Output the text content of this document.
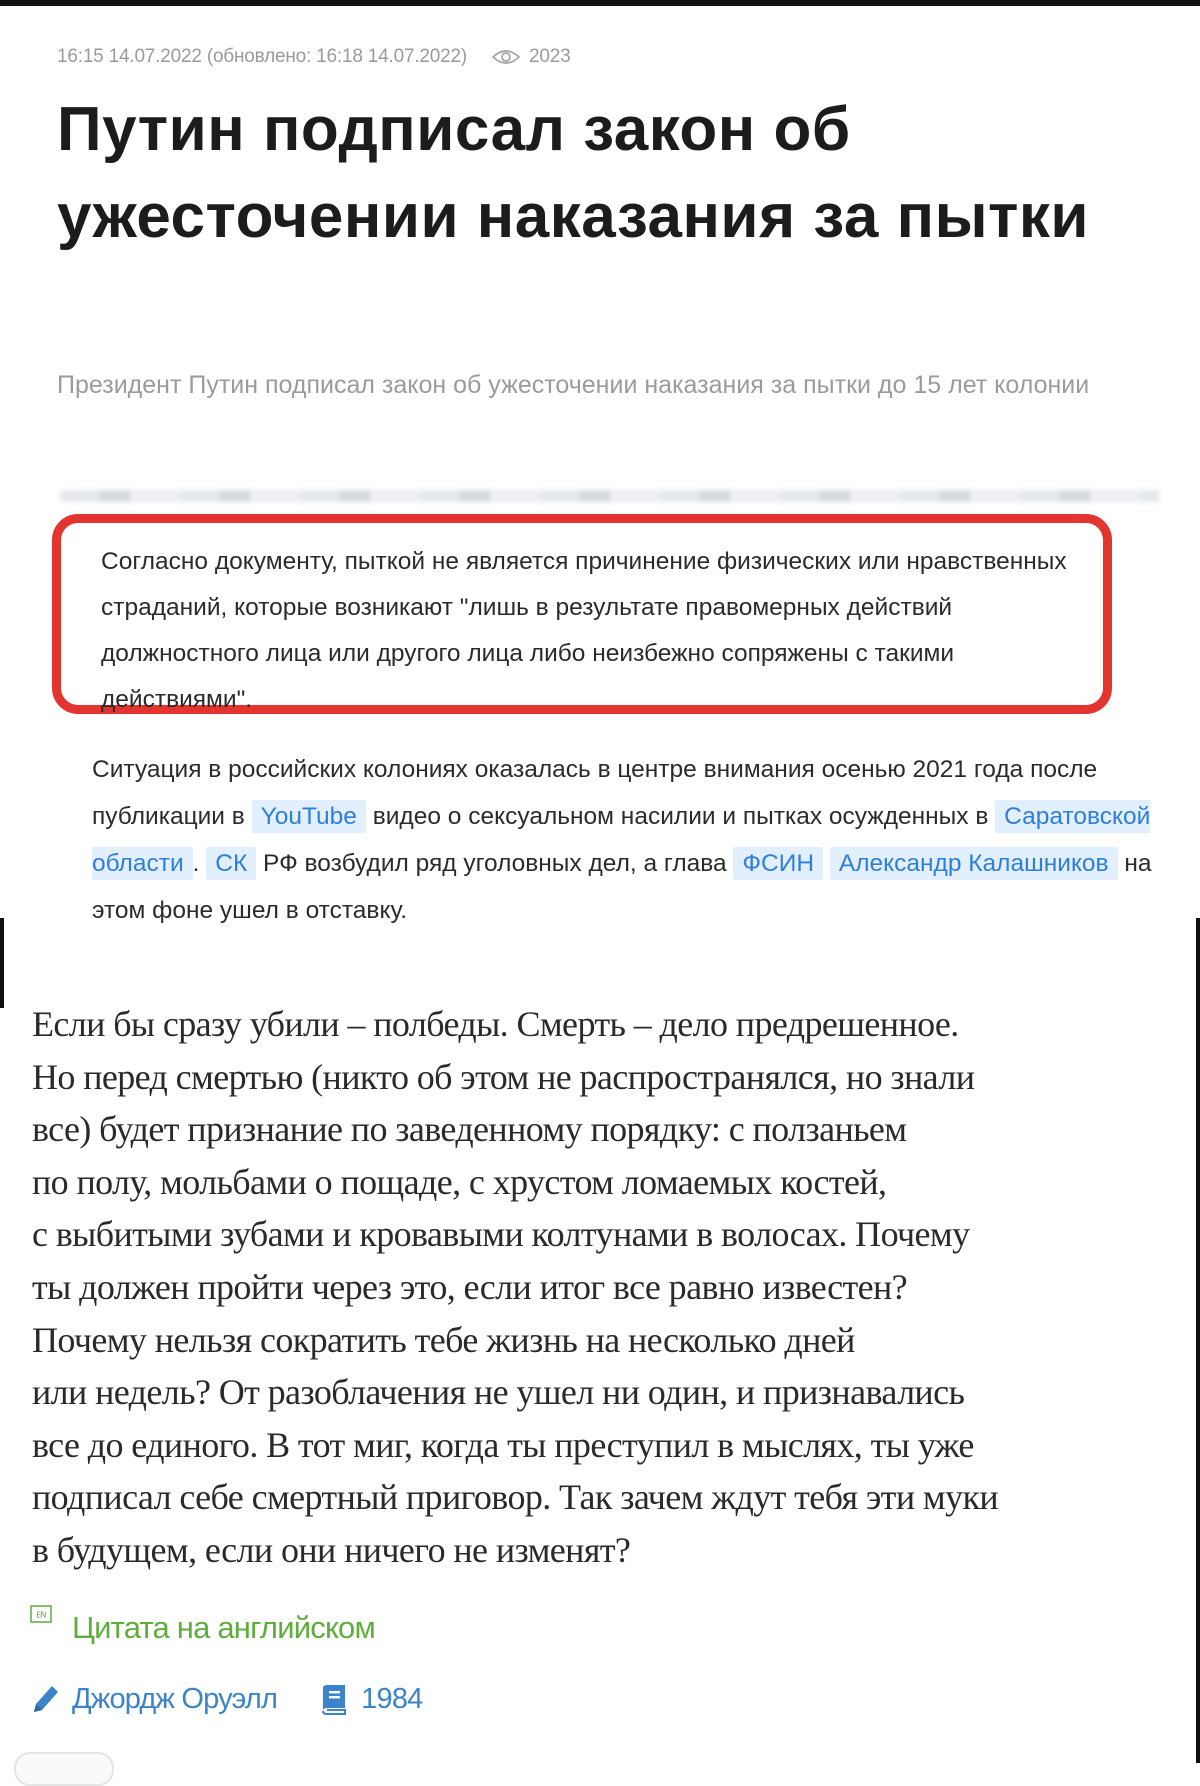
16:15 14.07.2022
(обновлено: 16:18 14.07.2022)	2023
Путин подписал закон об ужесточении наказания за пытки

Президент Путин подписал закон об ужесточении наказания за пытки до 15 лет колонии

Согласно документу, пыткой не является причинение физических или нравственных страданий, которые возникают "лишь в результате правомерных действий должностного лица или другого лица либо неизбежно сопряжены с такими действиями".

Ситуация в российских колониях оказалась в центре внимания осенью 2021 года после публикации в YouTube видео о сексуальном насилии и пытках осужденных в Саратовской области . СК РФ возбудил ряд уголовных дел, а глава ФСИН Александр Калашников на этом фоне ушел в отставку.

Если бы сразу убили – полбеды. Смерть – дело предрешенное.
Но перед смертью (никто об этом не распространялся, но знали
все) будет признание по заведенному порядку: с ползаньем
по полу, мольбами о пощаде, с хрустом ломаемых костей,
с выбитыми зубами и кровавыми колтунами в волосах. Почему
ты должен пройти через это, если итог все равно известен?
Почему нельзя сократить тебе жизнь на несколько дней
или недель? От разоблачения не ушел ни один, и признавались
все до единого. В тот миг, когда ты преступил в мыслях, ты уже
подписал себе смертный приговор. Так зачем ждут тебя эти муки
в будущем, если они ничего не изменят?

EN Цитата на английском
Джордж Оруэлл	1984
